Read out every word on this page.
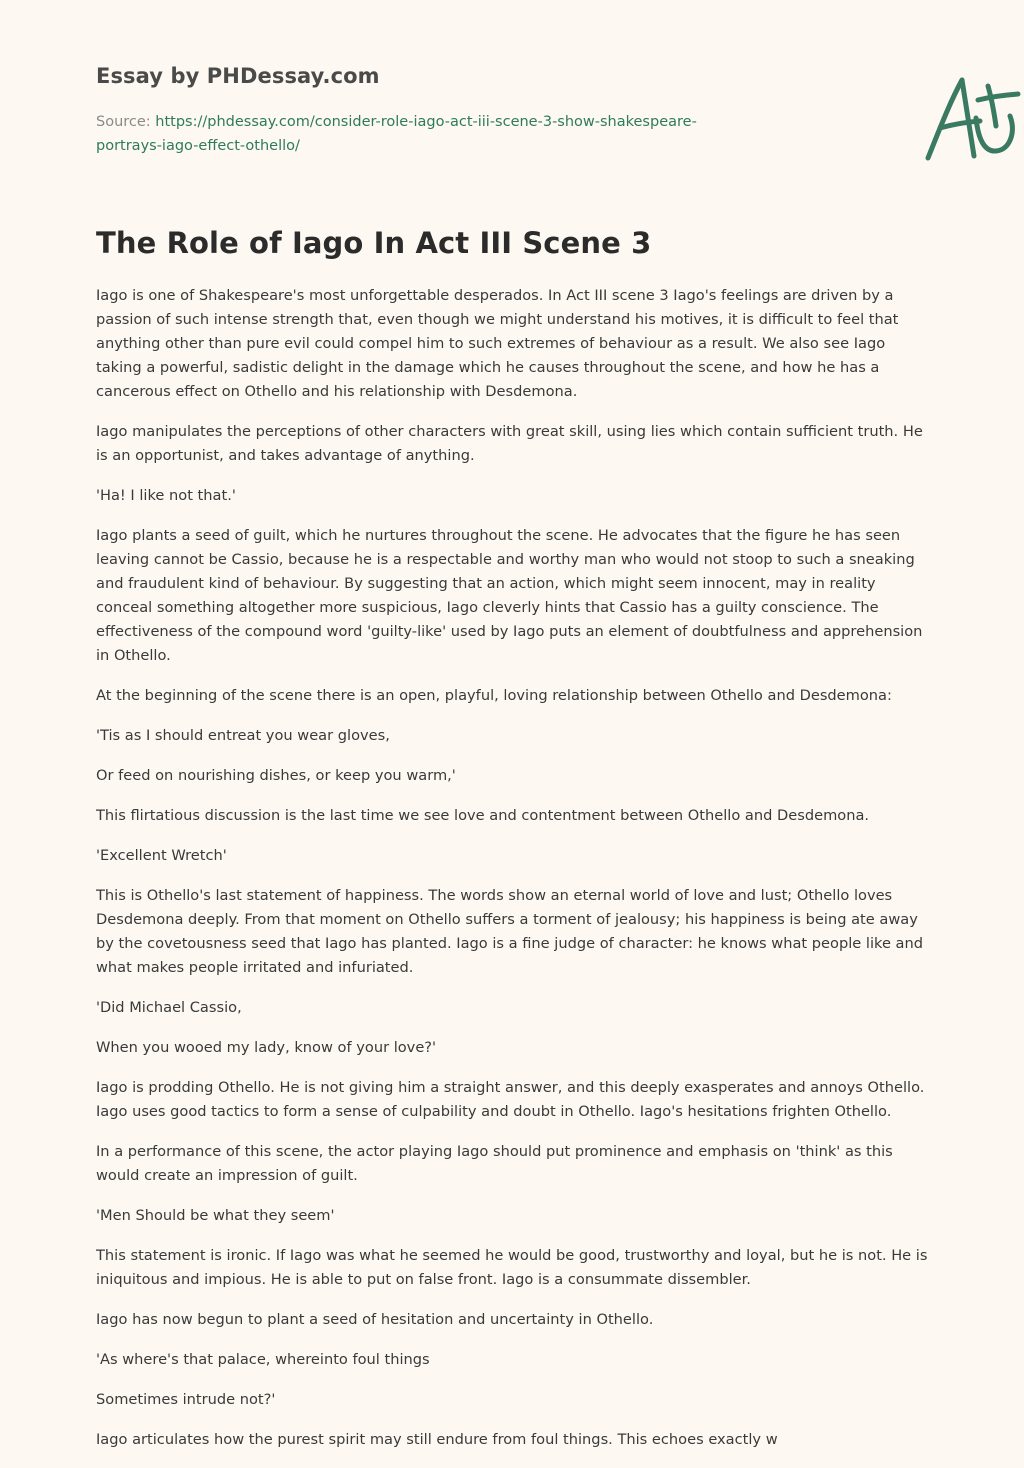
Essay by PHDessay.com
Source: https://phdessay.com/consider-role-iago-act-iii-scene-3-show-shakespeare-portrays-iago-effect-othello/
The Role of Iago In Act III Scene 3

Iago is one of Shakespeare's most unforgettable desperados. In Act III scene 3 Iago's feelings are driven by a passion of such intense strength that, even though we might understand his motives, it is difficult to feel that anything other than pure evil could compel him to such extremes of behaviour as a result. We also see Iago taking a powerful, sadistic delight in the damage which he causes throughout the scene, and how he has a cancerous effect on Othello and his relationship with Desdemona.

Iago manipulates the perceptions of other characters with great skill, using lies which contain sufficient truth. He is an opportunist, and takes advantage of anything.

'Ha! I like not that.'

Iago plants a seed of guilt, which he nurtures throughout the scene. He advocates that the figure he has seen leaving cannot be Cassio, because he is a respectable and worthy man who would not stoop to such a sneaking and fraudulent kind of behaviour. By suggesting that an action, which might seem innocent, may in reality conceal something altogether more suspicious, Iago cleverly hints that Cassio has a guilty conscience. The effectiveness of the compound word 'guilty-like' used by Iago puts an element of doubtfulness and apprehension in Othello.

At the beginning of the scene there is an open, playful, loving relationship between Othello and Desdemona:

'Tis as I should entreat you wear gloves,

Or feed on nourishing dishes, or keep you warm,'

This flirtatious discussion is the last time we see love and contentment between Othello and Desdemona.

'Excellent Wretch'

This is Othello's last statement of happiness. The words show an eternal world of love and lust; Othello loves Desdemona deeply. From that moment on Othello suffers a torment of jealousy; his happiness is being ate away by the covetousness seed that Iago has planted. Iago is a fine judge of character: he knows what people like and what makes people irritated and infuriated.

'Did Michael Cassio,

When you wooed my lady, know of your love?'

Iago is prodding Othello. He is not giving him a straight answer, and this deeply exasperates and annoys Othello. Iago uses good tactics to form a sense of culpability and doubt in Othello. Iago's hesitations frighten Othello.

In a performance of this scene, the actor playing Iago should put prominence and emphasis on 'think' as this would create an impression of guilt.

'Men Should be what they seem'

This statement is ironic. If Iago was what he seemed he would be good, trustworthy and loyal, but he is not. He is iniquitous and impious. He is able to put on false front. Iago is a consummate dissembler.

Iago has now begun to plant a seed of hesitation and uncertainty in Othello.

'As where's that palace, whereinto foul things

Sometimes intrude not?'

Iago articulates how the purest spirit may still endure from foul things. This echoes exactly w
